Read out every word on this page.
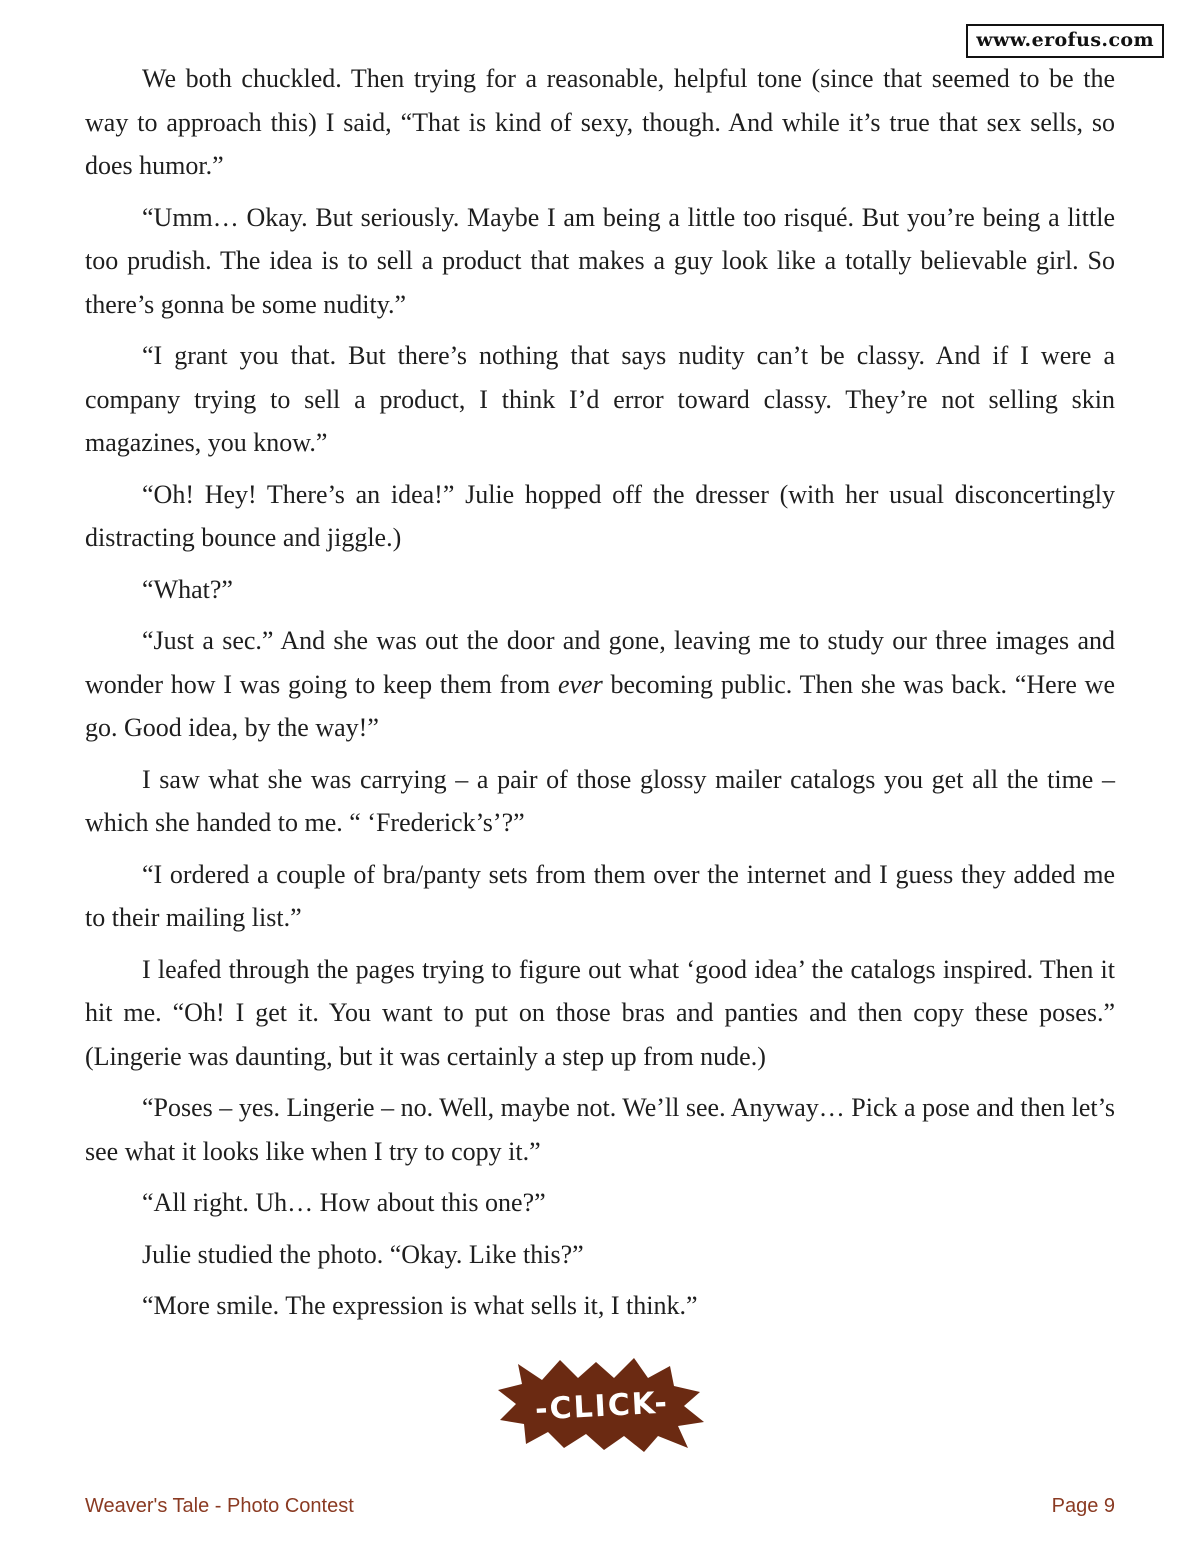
www.erofus.com

We both chuckled. Then trying for a reasonable, helpful tone (since that seemed to be the way to approach this) I said, “That is kind of sexy, though. And while it’s true that sex sells, so does humor.”

“Umm… Okay. But seriously. Maybe I am being a little too risqué. But you’re being a little too prudish. The idea is to sell a product that makes a guy look like a totally believable girl. So there’s gonna be some nudity.”

“I grant you that. But there’s nothing that says nudity can’t be classy. And if I were a company trying to sell a product, I think I’d error toward classy. They’re not selling skin magazines, you know.”

“Oh! Hey! There’s an idea!” Julie hopped off the dresser (with her usual disconcertingly distracting bounce and jiggle.)

“What?”

“Just a sec.” And she was out the door and gone, leaving me to study our three images and wonder how I was going to keep them from ever becoming public. Then she was back. “Here we go. Good idea, by the way!”

I saw what she was carrying – a pair of those glossy mailer catalogs you get all the time – which she handed to me. “ ‘Frederick’s’?”

“I ordered a couple of bra/panty sets from them over the internet and I guess they added me to their mailing list.”

I leafed through the pages trying to figure out what ‘good idea’ the catalogs inspired. Then it hit me. “Oh! I get it. You want to put on those bras and panties and then copy these poses.” (Lingerie was daunting, but it was certainly a step up from nude.)

“Poses – yes. Lingerie – no. Well, maybe not. We’ll see. Anyway… Pick a pose and then let’s see what it looks like when I try to copy it.”

“All right. Uh… How about this one?”

Julie studied the photo. “Okay. Like this?”

“More smile. The expression is what sells it, I think.”

-CLICK-
Weaver's Tale - Photo Contest	Page 9
